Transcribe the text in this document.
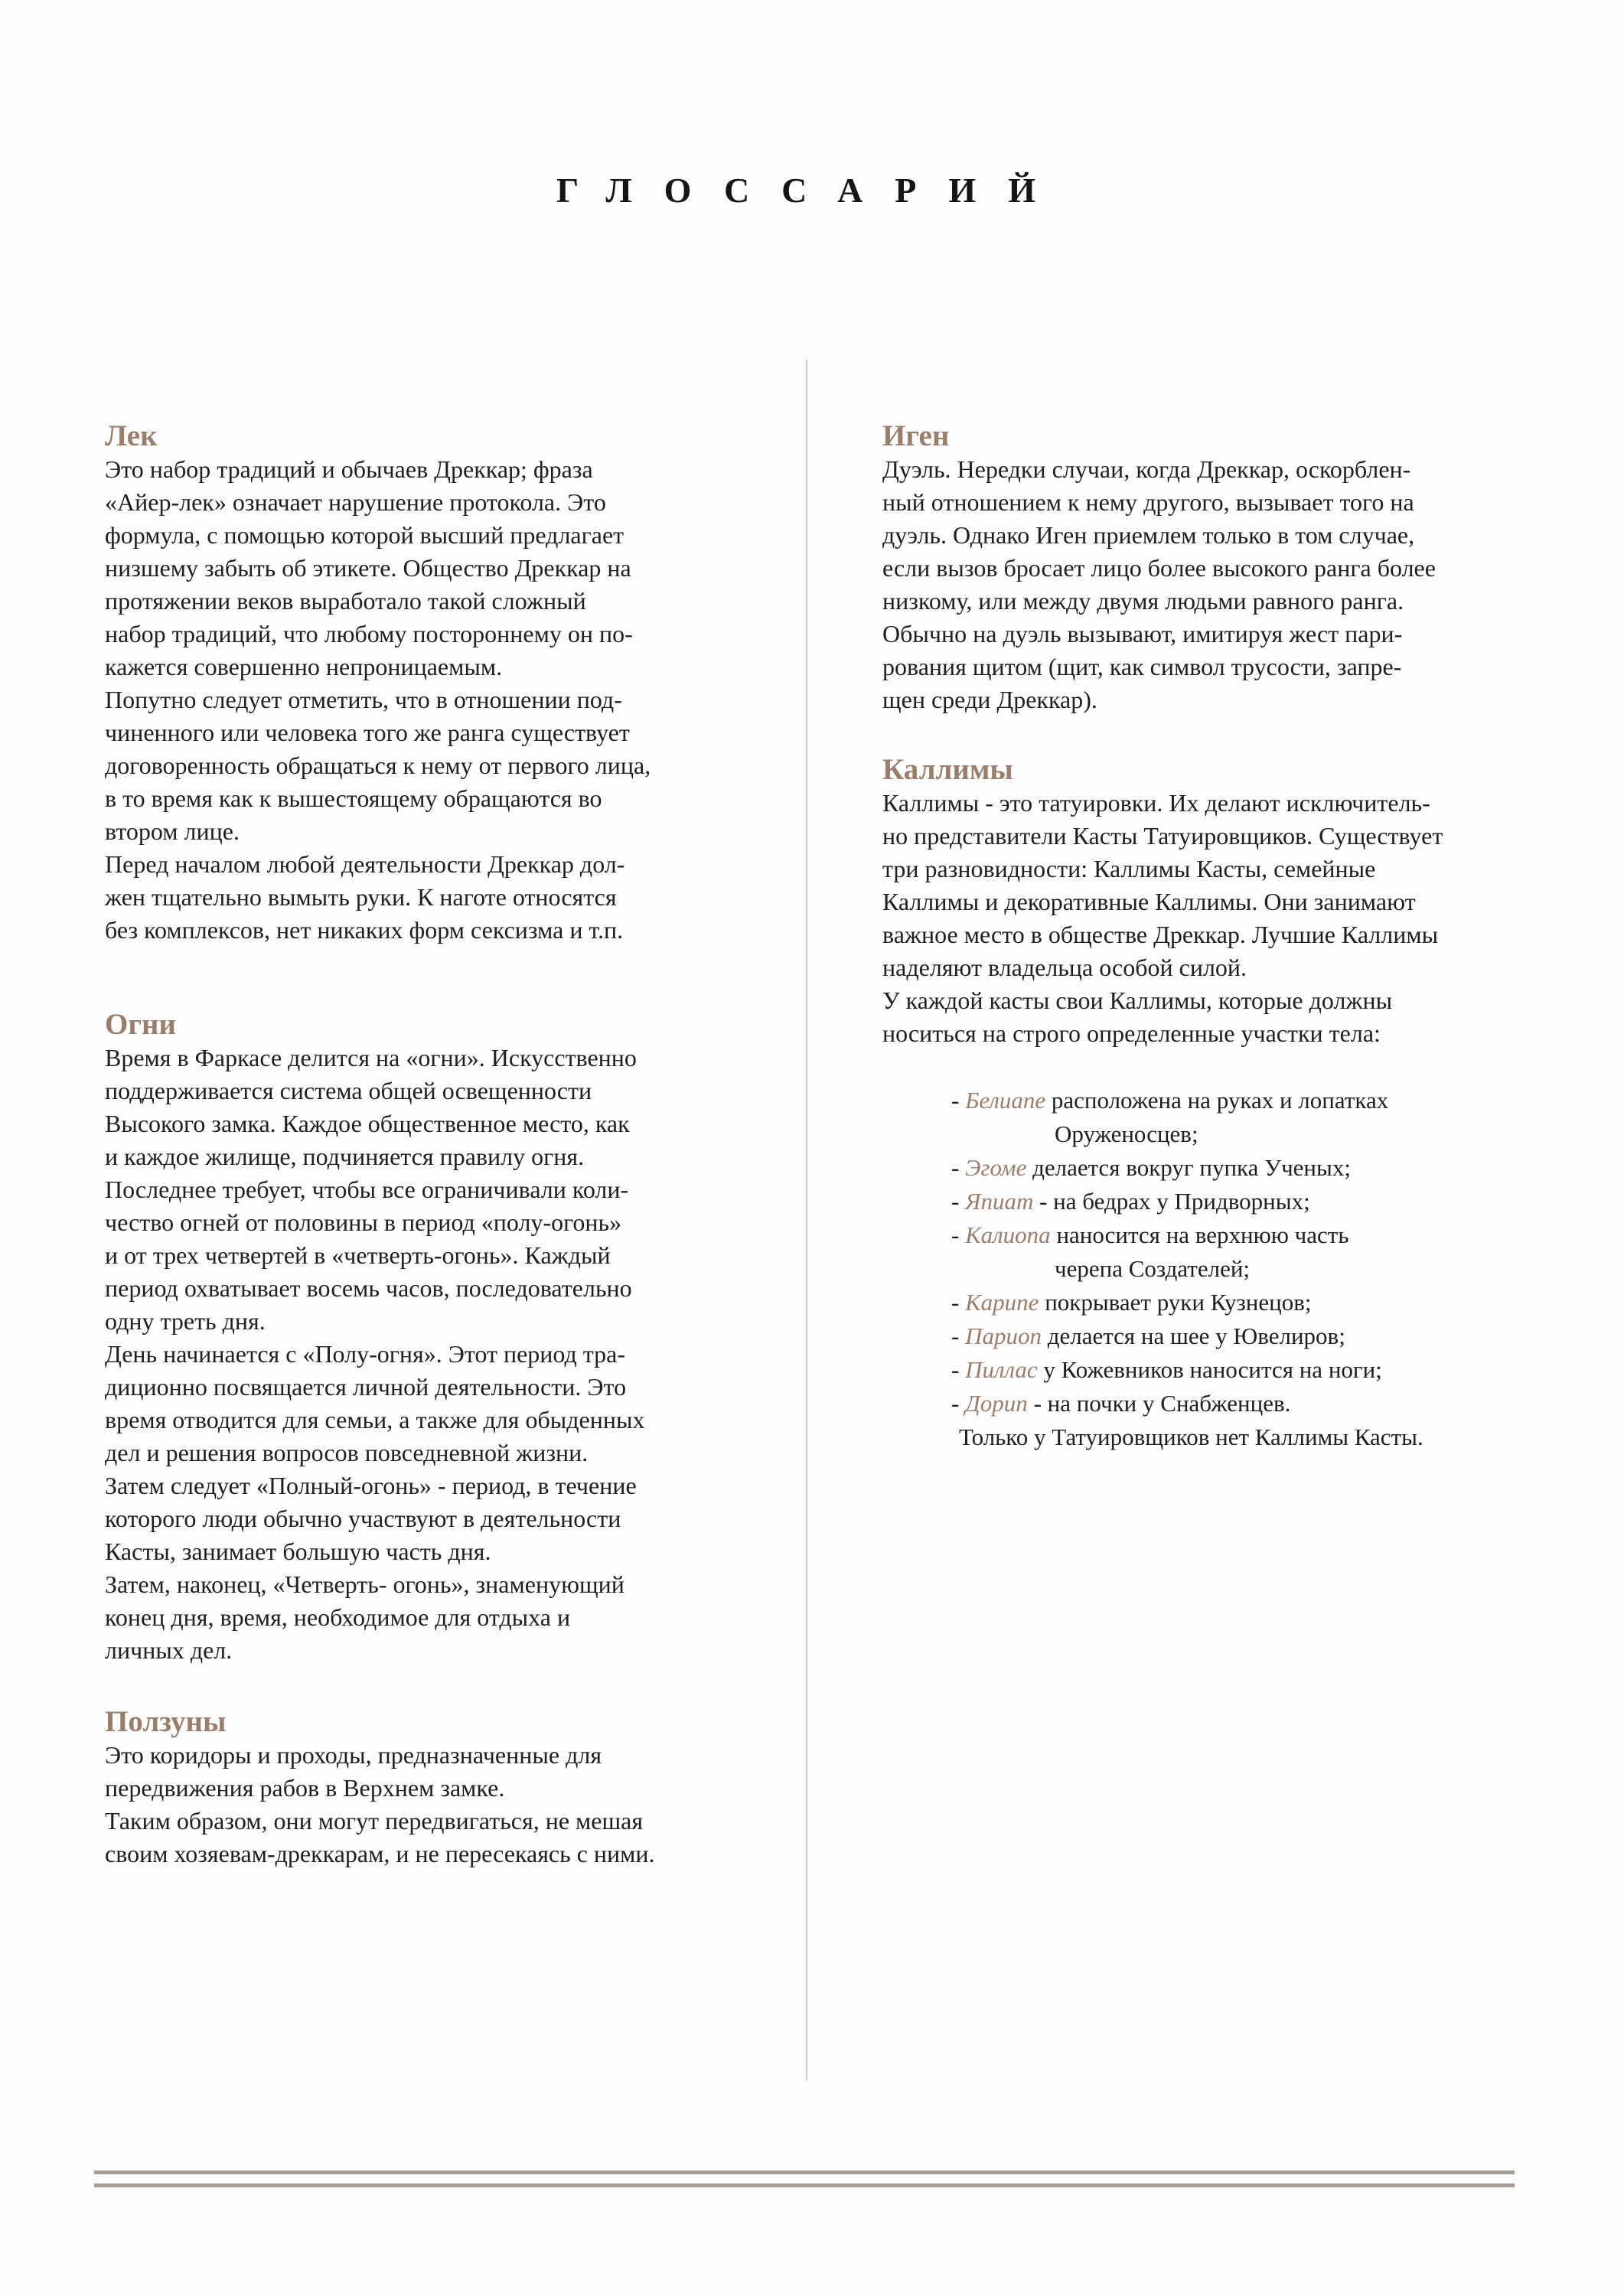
ГЛОССАРИЙ
Лек

Это набор традиций и обычаев Дреккар; фраза
«Айер-лек» означает нарушение протокола. Это
формула, с помощью которой высший предлагает
низшему забыть об этикете. Общество Дреккар на
протяжении веков выработало такой сложный
набор традиций, что любому постороннему он по-
кажется совершенно непроницаемым.
Попутно следует отметить, что в отношении под-
чиненного или человека того же ранга существует
договоренность обращаться к нему от первого лица,
в то время как к вышестоящему обращаются во
втором лице.
Перед началом любой деятельности Дреккар дол-
жен тщательно вымыть руки. К наготе относятся
без комплексов, нет никаких форм сексизма и т.п.

Огни

Время в Фаркасе делится на «огни». Искусственно
поддерживается система общей освещенности
Высокого замка. Каждое общественное место, как
и каждое жилище, подчиняется правилу огня.
Последнее требует, чтобы все ограничивали коли-
чество огней от половины в период «полу-огонь»
и от трех четвертей в «четверть-огонь». Каждый
период охватывает восемь часов, последовательно
одну треть дня.
День начинается с «Полу-огня». Этот период тра-
диционно посвящается личной деятельности. Это
время отводится для семьи, а также для обыденных
дел и решения вопросов повседневной жизни.
Затем следует «Полный-огонь» - период, в течение
которого люди обычно участвуют в деятельности
Касты, занимает большую часть дня.
Затем, наконец, «Четверть- огонь», знаменующий
конец дня, время, необходимое для отдыха и
личных дел.

Ползуны

Это коридоры и проходы, предназначенные для
передвижения рабов в Верхнем замке.
Таким образом, они могут передвигаться, не мешая
своим хозяевам-дреккарам, и не пересекаясь с ними.

Иген

Дуэль. Нередки случаи, когда Дреккар, оскорблен-
ный отношением к нему другого, вызывает того на
дуэль. Однако Иген приемлем только в том случае,
если вызов бросает лицо более высокого ранга более
низкому, или между двумя людьми равного ранга.
Обычно на дуэль вызывают, имитируя жест пари-
рования щитом (щит, как символ трусости, запре-
щен среди Дреккар).

Каллимы

Каллимы - это татуировки. Их делают исключитель-
но представители Касты Татуировщиков. Существует
три разновидности: Каллимы Касты, семейные
Каллимы и декоративные Каллимы. Они занимают
важное место в обществе Дреккар. Лучшие Каллимы
наделяют владельца особой силой.
У каждой касты свои Каллимы, которые должны
носиться на строго определенные участки тела:

- Белиапе расположена на руках и лопатках
Оруженосцев;
- Эгоме делается вокруг пупка Ученых;
- Япиат - на бедрах у Придворных;
- Калиопа наносится на верхнюю часть
черепа Создателей;
- Карипе покрывает руки Кузнецов;
- Париоп делается на шее у Ювелиров;
- Пиллас у Кожевников наносится на ноги;
- Дорип - на почки у Снабженцев.

Только у Татуировщиков нет Каллимы Касты.
